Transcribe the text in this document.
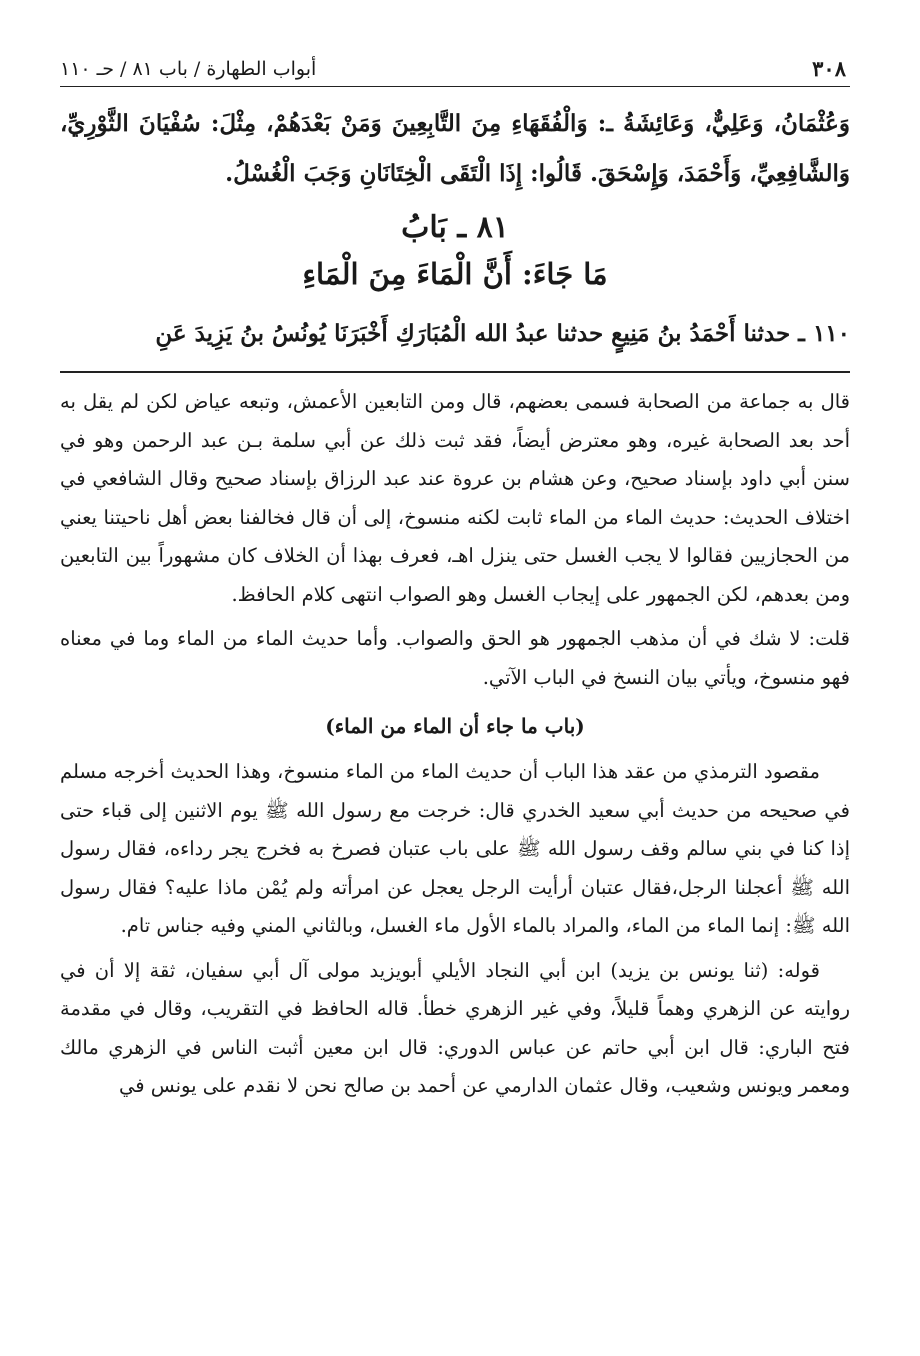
٣٠٨
أبواب الطهارة / باب ٨١ / حـ ١١٠
وَعُثْمَانُ، وَعَلِيٌّ، وَعَائِشَةُ ـ: وَالْفُقَهَاءِ مِنَ التَّابِعِينَ وَمَنْ بَعْدَهُمْ، مِثْلَ: سُفْيَانَ الثَّوْرِيِّ، وَالشَّافِعِيِّ، وَأَحْمَدَ، وَإِسْحَقَ. قَالُوا: إِذَا الْتَقَى الْخِتَانَانِ وَجَبَ الْغُسْلُ.
٨١ ـ بَابُ
مَا جَاءَ: أَنَّ الْمَاءَ مِنَ الْمَاءِ
١١٠ ـ حدثنا أَحْمَدُ بنُ مَنِيعٍ حدثنا عبدُ الله الْمُبَارَكِ أَخْبَرَنَا يُونُسُ بنُ يَزِيدَ عَنِ

قال به جماعة من الصحابة فسمى بعضهم، قال ومن التابعين الأعمش، وتبعه عياض لكن لم يقل به أحد بعد الصحابة غيره، وهو معترض أيضاً، فقد ثبت ذلك عن أبي سلمة بـن عبد الرحمن وهو في سنن أبي داود بإسناد صحيح، وعن هشام بن عروة عند عبد الرزاق بإسناد صحيح وقال الشافعي في اختلاف الحديث: حديث الماء من الماء ثابت لكنه منسوخ، إلى أن قال فخالفنا بعض أهل ناحيتنا يعني من الحجازيين فقالوا لا يجب الغسل حتى ينزل اهـ، فعرف بهذا أن الخلاف كان مشهوراً بين التابعين ومن بعدهم، لكن الجمهور على إيجاب الغسل وهو الصواب انتهى كلام الحافظ.

قلت: لا شك في أن مذهب الجمهور هو الحق والصواب. وأما حديث الماء من الماء وما في معناه فهو منسوخ، ويأتي بيان النسخ في الباب الآتي.

(باب ما جاء أن الماء من الماء)

مقصود الترمذي من عقد هذا الباب أن حديث الماء من الماء منسوخ، وهذا الحديث أخرجه مسلم في صحيحه من حديث أبي سعيد الخدري قال: خرجت مع رسول الله ﷺ يوم الاثنين إلى قباء حتى إذا كنا في بني سالم وقف رسول الله ﷺ على باب عتبان فصرخ به فخرج يجر رداءه، فقال رسول الله ﷺ أعجلنا الرجل،فقال عتبان أرأيت الرجل يعجل عن امرأته ولم يُمْن ماذا عليه؟ فقال رسول الله ﷺ: إنما الماء من الماء، والمراد بالماء الأول ماء الغسل، وبالثاني المني وفيه جناس تام.

قوله: (ثنا يونس بن يزيد) ابن أبي النجاد الأيلي أبويزيد مولى آل أبي سفيان، ثقة إلا أن في روايته عن الزهري وهماً قليلاً، وفي غير الزهري خطأ. قاله الحافظ في التقريب، وقال في مقدمة فتح الباري: قال ابن أبي حاتم عن عباس الدوري: قال ابن معين أثبت الناس في الزهري مالك ومعمر ويونس وشعيب، وقال عثمان الدارمي عن أحمد بن صالح نحن لا نقدم على يونس في
